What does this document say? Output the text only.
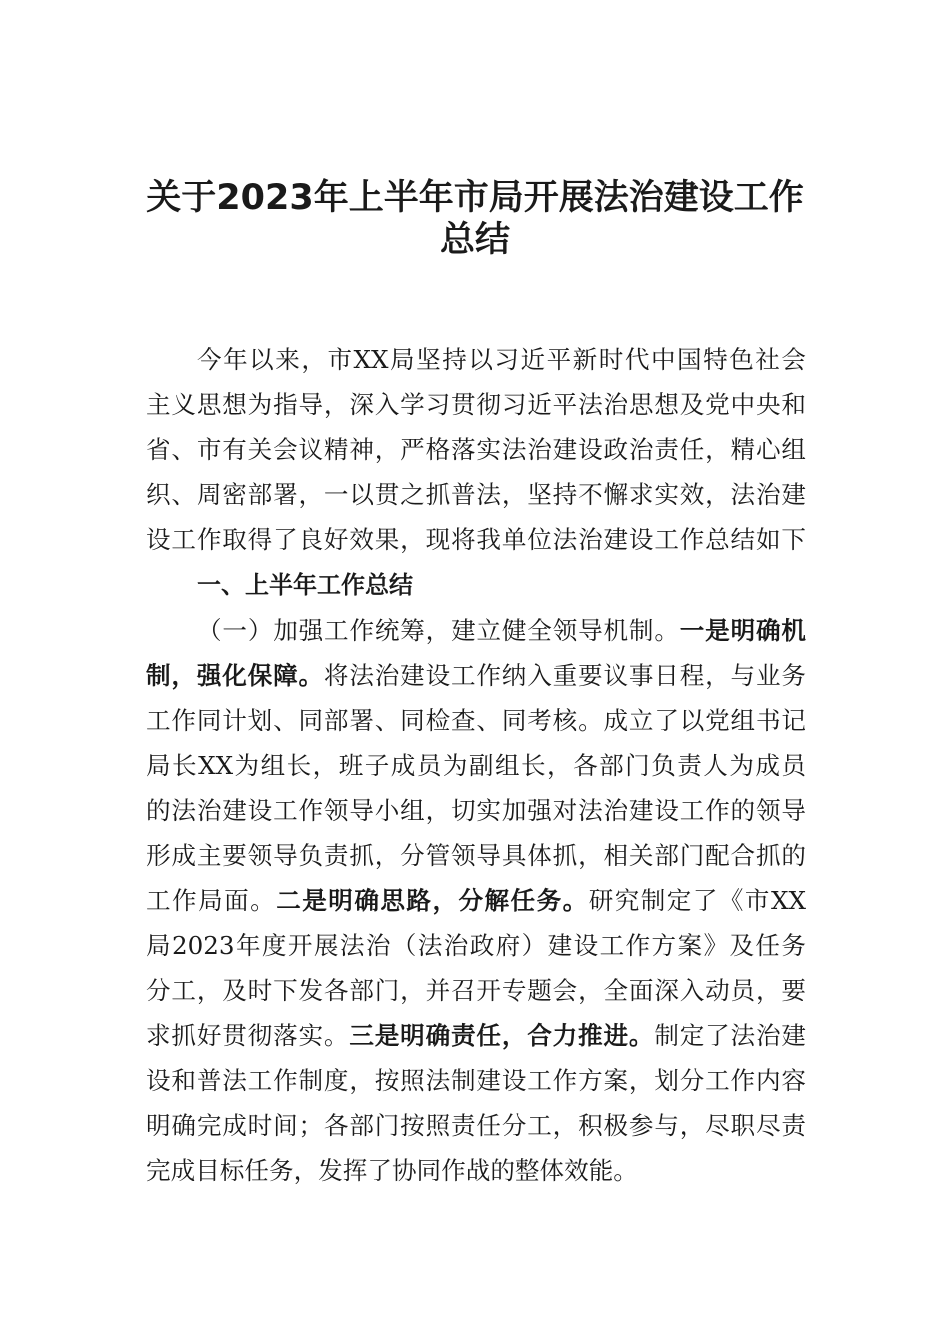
关于2023年上半年市局开展法治建设工作
总结
今年以来，市XX局坚持以习近平新时代中国特色社会
主义思想为指导，深入学习贯彻习近平法治思想及党中央和
省、市有关会议精神，严格落实法治建设政治责任，精心组
织、周密部署，一以贯之抓普法，坚持不懈求实效，法治建
设工作取得了良好效果，现将我单位法治建设工作总结如下
一、上半年工作总结
（一）加强工作统筹，建立健全领导机制。一是明确机
制，强化保障。将法治建设工作纳入重要议事日程，与业务
工作同计划、同部署、同检查、同考核。成立了以党组书记
局长XX为组长，班子成员为副组长，各部门负责人为成员
的法治建设工作领导小组，切实加强对法治建设工作的领导
形成主要领导负责抓，分管领导具体抓，相关部门配合抓的
工作局面。二是明确思路，分解任务。研究制定了《市XX
局2023年度开展法治（法治政府）建设工作方案》及任务
分工，及时下发各部门，并召开专题会，全面深入动员，要
求抓好贯彻落实。三是明确责任，合力推进。制定了法治建
设和普法工作制度，按照法制建设工作方案，划分工作内容
明确完成时间；各部门按照责任分工，积极参与，尽职尽责
完成目标任务，发挥了协同作战的整体效能。
